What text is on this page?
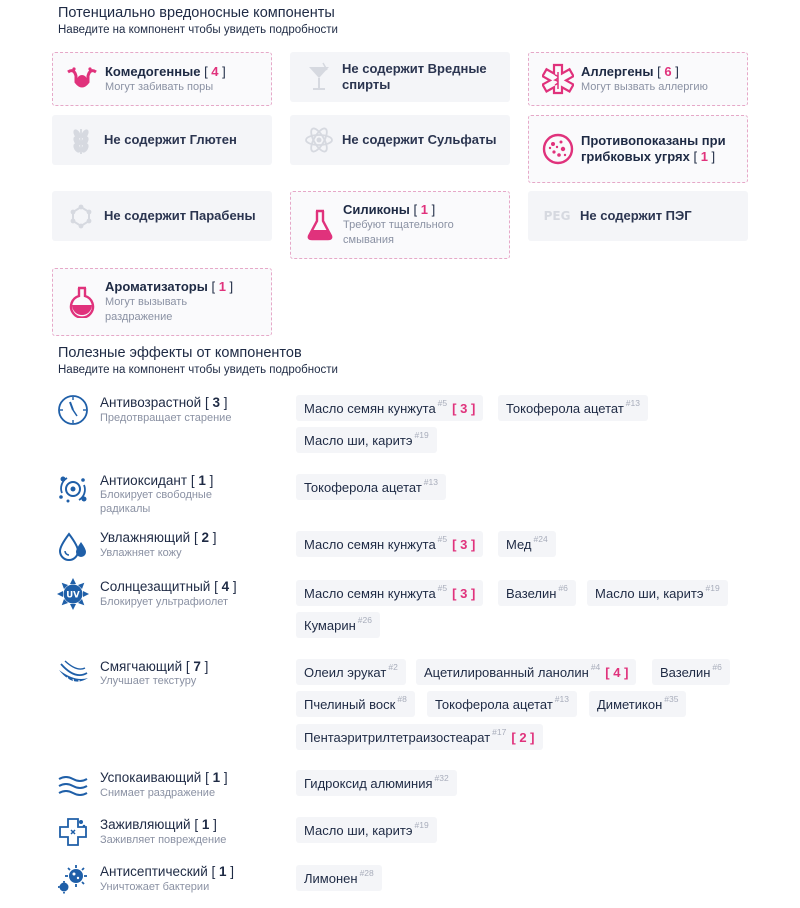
Потенциально вредоносные компоненты
Наведите на компонент чтобы увидеть подробности
Комедогенные [ 4 ]
Могут забивать поры
Не содержит Вредные спирты
Аллергены [ 6 ]
Могут вызвать аллергию
Не содержит Глютен	Не содержит Сульфаты	Противопоказаны при грибковых угрях [ 1 ]
Не содержит Парабены	Силиконы [ 1 ]
Требуют тщательного смывания
PEG Не содержит ПЭГ
Ароматизаторы [ 1 ]
Могут вызывать раздражение
Полезные эффекты от компонентов
Наведите на компонент чтобы увидеть подробности
Антивозрастной [ 3 ]
Предотвращает старение
Масло семян кунжута$^{\#5}$ [ 3 ] Токоферола ацетат$^{\#13}$
Масло ши, каритэ$^{\#19}$
Антиоксидант [ 1 ]
Блокирует свободные радикалы
Токоферола ацетат$^{\#13}$
Увлажняющий [ 2 ]
Увлажняет кожу
Масло семян кунжута$^{\#5}$ [ 3 ] Мед$^{\#24}$
UV
Солнцезащитный [ 4 ]
Блокирует ультрафиолет
Масло семян кунжута$^{\#5}$ [ 3 ] Вазелин$^{\#6}$ Масло ши, каритэ$^{\#19}$
Кумарин$^{\#26}$
Смягчающий [ 7 ]
Улучшает текстуру
Олеил эрукат$^{\#2}$ Ацетилированный ланолин$^{\#4}$ [ 4 ] Вазелин$^{\#6}$
Пчелиный воск$^{\#8}$ Токоферола ацетат$^{\#13}$ Диметикон$^{\#35}$
Пентаэритрилтетраизостеарат$^{\#17}$ [ 2 ]
Успокаивающий [ 1 ]
Снимает раздражение
Гидроксид алюминия$^{\#32}$
Заживляющий [ 1 ]
Заживляет повреждение
Масло ши, каритэ$^{\#19}$
Антисептический [ 1 ]
Уничтожает бактерии
Лимонен$^{\#28}$
